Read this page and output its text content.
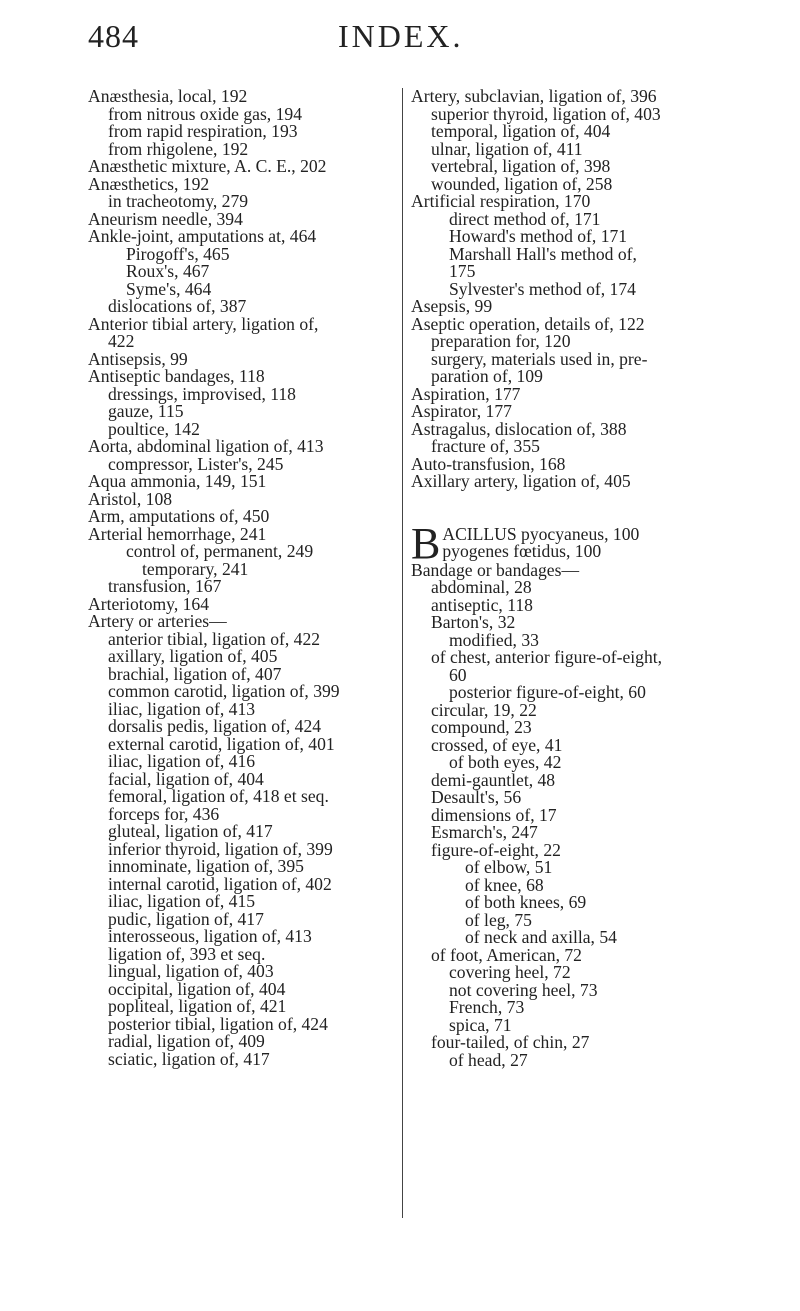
484	INDEX.
Anæsthesia, local, 192
from nitrous oxide gas, 194
from rapid respiration, 193
from rhigolene, 192
Anæsthetic mixture, A. C. E., 202
Anæsthetics, 192
in tracheotomy, 279
Aneurism needle, 394
Ankle-joint, amputations at, 464
Pirogoff's, 465
Roux's, 467
Syme's, 464
dislocations of, 387
Anterior tibial artery, ligation of,
422
Antisepsis, 99
Antiseptic bandages, 118
dressings, improvised, 118
gauze, 115
poultice, 142
Aorta, abdominal ligation of, 413
compressor, Lister's, 245
Aqua ammonia, 149, 151
Aristol, 108
Arm, amputations of, 450
Arterial hemorrhage, 241
control of, permanent, 249
temporary, 241
transfusion, 167
Arteriotomy, 164
Artery or arteries—
anterior tibial, ligation of, 422
axillary, ligation of, 405
brachial, ligation of, 407
common carotid, ligation of, 399
iliac, ligation of, 413
dorsalis pedis, ligation of, 424
external carotid, ligation of, 401
iliac, ligation of, 416
facial, ligation of, 404
femoral, ligation of, 418 et seq.
forceps for, 436
gluteal, ligation of, 417
inferior thyroid, ligation of, 399
innominate, ligation of, 395
internal carotid, ligation of, 402
iliac, ligation of, 415
pudic, ligation of, 417
interosseous, ligation of, 413
ligation of, 393 et seq.
lingual, ligation of, 403
occipital, ligation of, 404
popliteal, ligation of, 421
posterior tibial, ligation of, 424
radial, ligation of, 409
sciatic, ligation of, 417
Artery, subclavian, ligation of, 396
superior thyroid, ligation of, 403
temporal, ligation of, 404
ulnar, ligation of, 411
vertebral, ligation of, 398
wounded, ligation of, 258
Artificial respiration, 170
direct method of, 171
Howard's method of, 171
Marshall Hall's method of,
175
Sylvester's method of, 174
Asepsis, 99
Aseptic operation, details of, 122
preparation for, 120
surgery, materials used in, pre-
paration of, 109
Aspiration, 177
Aspirator, 177
Astragalus, dislocation of, 388
fracture of, 355
Auto-transfusion, 168
Axillary artery, ligation of, 405
B ACILLUS pyocyaneus, 100
pyogenes fœtidus, 100
Bandage or bandages—
abdominal, 28
antiseptic, 118
Barton's, 32
modified, 33
of chest, anterior figure-of-eight,
60
posterior figure-of-eight, 60
circular, 19, 22
compound, 23
crossed, of eye, 41
of both eyes, 42
demi-gauntlet, 48
Desault's, 56
dimensions of, 17
Esmarch's, 247
figure-of-eight, 22
of elbow, 51
of knee, 68
of both knees, 69
of leg, 75
of neck and axilla, 54
of foot, American, 72
covering heel, 72
not covering heel, 73
French, 73
spica, 71
four-tailed, of chin, 27
of head, 27
